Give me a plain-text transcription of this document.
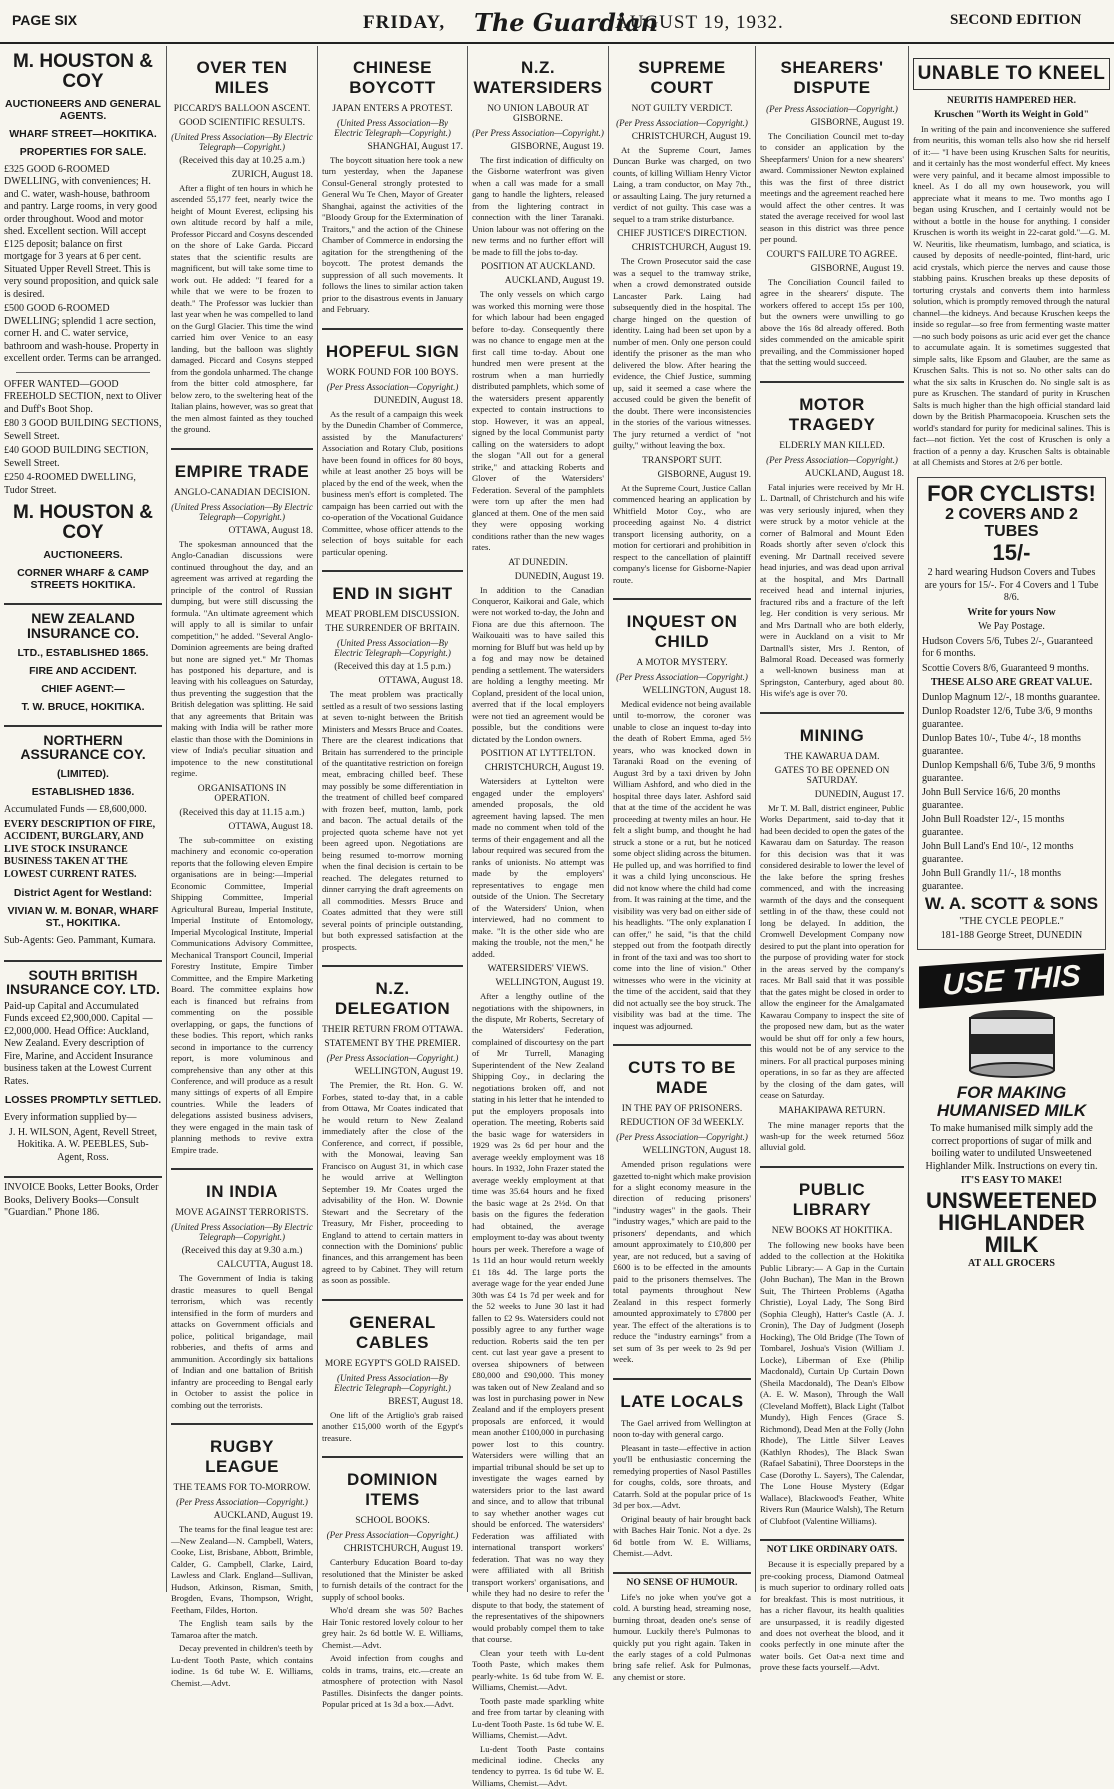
PAGE SIX	FRIDAY, The Guardian
AUGUST 19, 1932.	SECOND EDITION
M. HOUSTON & COY
AUCTIONEERS AND GENERAL AGENTS.
WHARF STREET—HOKITIKA.
PROPERTIES FOR SALE.

£325 GOOD 6-ROOMED DWELLING, with conveniences; H. and C. water, wash-house, bathroom and pantry. Large rooms, in very good order throughout. Wood and motor shed. Excellent section. Will accept £125 deposit; balance on first mortgage for 3 years at 6 per cent. Situated Upper Revell Street. This is very sound proposition, and quick sale is desired.

£500 GOOD 6-ROOMED DWELLING; splendid 1 acre section, corner H. and C. water service, bathroom and wash-house. Property in excellent order. Terms can be arranged.

OFFER WANTED—GOOD FREEHOLD SECTION, next to Oliver and Duff's Boot Shop.

£80 3 GOOD BUILDING SECTIONS, Sewell Street.

£40 GOOD BUILDING SECTION, Sewell Street.

£250 4-ROOMED DWELLING, Tudor Street.

M. HOUSTON & COY
AUCTIONEERS.
CORNER WHARF & CAMP STREETS HOKITIKA.
NEW ZEALAND INSURANCE CO.
LTD., ESTABLISHED 1865.
FIRE AND ACCIDENT.
CHIEF AGENT:—
T. W. BRUCE, HOKITIKA.
NORTHERN ASSURANCE COY.
(LIMITED).
ESTABLISHED 1836.

Accumulated Funds — £8,600,000.

EVERY DESCRIPTION OF FIRE, ACCIDENT, BURGLARY, AND LIVE STOCK INSURANCE BUSINESS TAKEN AT THE LOWEST CURRENT RATES.

District Agent for Westland:
VIVIAN W. M. BONAR, WHARF ST., HOKITIKA.

Sub-Agents: Geo. Pammant, Kumara.

SOUTH BRITISH INSURANCE COY. LTD.

Paid-up Capital and Accumulated Funds exceed £2,900,000. Capital — £2,000,000. Head Office: Auckland, New Zealand. Every description of Fire, Marine, and Accident Insurance business taken at the Lowest Current Rates.

LOSSES PROMPTLY SETTLED.

Every information supplied by—

J. H. WILSON, Agent, Revell Street, Hokitika. A. W. PEEBLES, Sub-Agent, Ross.

INVOICE Books, Letter Books, Order Books, Delivery Books—Consult "Guardian." Phone 186.

OVER TEN MILES
PICCARD'S BALLOON ASCENT.
GOOD SCIENTIFIC RESULTS.
(United Press Association—By Electric Telegraph—Copyright.)
(Received this day at 10.25 a.m.)
ZURICH, August 18.

After a flight of ten hours in which he ascended 55,177 feet, nearly twice the height of Mount Everest, eclipsing his own altitude record by half a mile, Professor Piccard and Cosyns descended on the shore of Lake Garda. Piccard states that the scientific results are magnificent, but will take some time to work out. He added: "I feared for a while that we were to be frozen to death." The Professor was luckier than last year when he was compelled to land on the Gurgl Glacier. This time the wind carried him over Venice to an easy landing, but the balloon was slightly damaged. Piccard and Cosyns stepped from the gondola unharmed. The change from the bitter cold atmosphere, far below zero, to the sweltering heat of the Italian plains, however, was so great that the men almost fainted as they touched the ground.

EMPIRE TRADE
ANGLO-CANADIAN DECISION.
(United Press Association—By Electric Telegraph—Copyright.)
OTTAWA, August 18.

The spokesman announced that the Anglo-Canadian discussions were continued throughout the day, and an agreement was arrived at regarding the principle of the control of Russian dumping, but were still discussing the formula. "An ultimate agreement which will apply to all is similar to unfair competition," he added. "Several Anglo-Dominion agreements are being drafted but none are signed yet." Mr Thomas has postponed his departure, and is leaving with his colleagues on Saturday, thus preventing the suggestion that the British delegation was splitting. He said that any agreements that Britain was making with India will be rather more elastic than those with the Dominions in view of India's peculiar situation and impotence to the new constitutional regime.

ORGANISATIONS IN OPERATION.
(Received this day at 11.15 a.m.)
OTTAWA, August 18.

The sub-committee on existing machinery and economic co-operation reports that the following eleven Empire organisations are in being:—Imperial Economic Committee, Imperial Shipping Committee, Imperial Agricultural Bureau, Imperial Institute, Imperial Institute of Entomology, Imperial Mycological Institute, Imperial Communications Advisory Committee, Mechanical Transport Council, Imperial Forestry Institute, Empire Timber Committee, and the Empire Marketing Board. The committee explains how each is financed but refrains from commenting on the possible overlapping, or gaps, the functions of these bodies. This report, which ranks second in importance to the currency report, is more voluminous and comprehensive than any other at this Conference, and will produce as a result many sittings of experts of all Empire countries. While the leaders of delegations assisted business advisers, they were engaged in the main task of planning methods to revive extra Empire trade.

IN INDIA
MOVE AGAINST TERRORISTS.
(United Press Association—By Electric Telegraph—Copyright.)
(Received this day at 9.30 a.m.)
CALCUTTA, August 18.

The Government of India is taking drastic measures to quell Bengal terrorism, which was recently intensified in the form of murders and attacks on Government officials and police, political brigandage, mail robberies, and thefts of arms and ammunition. Accordingly six battalions of Indian and one battalion of British infantry are proceeding to Bengal early in October to assist the police in combing out the terrorists.

RUGBY LEAGUE
THE TEAMS FOR TO-MORROW.
(Per Press Association—Copyright.)
AUCKLAND, August 19.

The teams for the final league test are:—New Zealand—N. Campbell, Waters, Cooke, List, Brisbane, Abbott, Brimble, Calder, G. Campbell, Clarke, Laird, Lawless and Clark. England—Sullivan, Hudson, Atkinson, Risman, Smith, Brogden, Evans, Thompson, Wright, Feetham, Fildes, Horton.

The English team sails by the Tamaroa after the match.

Decay prevented in children's teeth by Lu-dent Tooth Paste, which contains iodine. 1s 6d tube W. E. Williams, Chemist.—Advt.

CHINESE BOYCOTT
JAPAN ENTERS A PROTEST.
(United Press Association—By Electric Telegraph—Copyright.)
SHANGHAI, August 17.

The boycott situation here took a new turn yesterday, when the Japanese Consul-General strongly protested to General Wu Te Chen, Mayor of Greater Shanghai, against the activities of the "Bloody Group for the Extermination of Traitors," and the action of the Chinese Chamber of Commerce in endorsing the agitation for the strengthening of the boycott. The protest demands the suppression of all such movements. It follows the lines to similar action taken prior to the disastrous events in January and February.

HOPEFUL SIGN
WORK FOUND FOR 100 BOYS.
(Per Press Association—Copyright.)
DUNEDIN, August 18.

As the result of a campaign this week by the Dunedin Chamber of Commerce, assisted by the Manufacturers' Association and Rotary Club, positions have been found in offices for 80 boys, while at least another 25 boys will be placed by the end of the week, when the business men's effort is completed. The campaign has been carried out with the co-operation of the Vocational Guidance Committee, whose officer attends to the selection of boys suitable for each particular opening.

END IN SIGHT
MEAT PROBLEM DISCUSSION.
THE SURRENDER OF BRITAIN.
(United Press Association—By Electric Telegraph—Copyright.)
(Received this day at 1.5 p.m.)
OTTAWA, August 18.

The meat problem was practically settled as a result of two sessions lasting at seven to-night between the British Ministers and Messrs Bruce and Coates. There are the clearest indications that Britain has surrendered to the principle of the quantitative restriction on foreign meat, embracing chilled beef. These may possibly be some differentiation in the treatment of chilled beef compared with frozen beef, mutton, lamb, pork and bacon. The actual details of the projected quota scheme have not yet been agreed upon. Negotiations are being resumed to-morrow morning when the final decision is certain to be reached. The delegates returned to dinner carrying the draft agreements on all commodities. Messrs Bruce and Coates admitted that they were still several points of principle outstanding, but both expressed satisfaction at the prospects.

N.Z. DELEGATION
THEIR RETURN FROM OTTAWA.
STATEMENT BY THE PREMIER.
(Per Press Association—Copyright.)
WELLINGTON, August 19.

The Premier, the Rt. Hon. G. W. Forbes, stated to-day that, in a cable from Ottawa, Mr Coates indicated that he would return to New Zealand immediately after the close of the Conference, and correct, if possible, with the Monowai, leaving San Francisco on August 31, in which case he would arrive at Wellington September 19. Mr Coates urged the advisability of the Hon. W. Downie Stewart and the Secretary of the Treasury, Mr Fisher, proceeding to England to attend to certain matters in connection with the Dominions' public finances, and this arrangement has been agreed to by Cabinet. They will return as soon as possible.

GENERAL CABLES
MORE EGYPT'S GOLD RAISED.
(United Press Association—By Electric Telegraph—Copyright.)
BREST, August 18.

One lift of the Artiglio's grab raised another £15,000 worth of the Egypt's treasure.

DOMINION ITEMS
SCHOOL BOOKS.
(Per Press Association—Copyright.)
CHRISTCHURCH, August 19.

Canterbury Education Board to-day resolutioned that the Minister be asked to furnish details of the contract for the supply of school books.

Who'd dream she was 50? Baches Hair Tonic restored lovely colour to her grey hair. 2s 6d bottle W. E. Williams, Chemist.—Advt.

Avoid infection from coughs and colds in trams, trains, etc.—create an atmosphere of protection with Nasol Pastilles. Disinfects the danger points. Popular priced at 1s 3d a box.—Advt.

N.Z. WATERSIDERS
NO UNION LABOUR AT GISBORNE.
(Per Press Association—Copyright.)
GISBORNE, August 19.

The first indication of difficulty on the Gisborne waterfront was given when a call was made for a small gang to handle the lighters, released from the lightering contract in connection with the liner Taranaki. Union labour was not offering on the new terms and no further effort will be made to fill the jobs to-day.

POSITION AT AUCKLAND.
AUCKLAND, August 19.

The only vessels on which cargo was worked this morning were those for which labour had been engaged before to-day. Consequently there was no chance to engage men at the first call time to-day. About one hundred men were present at the rostrum when a man hurriedly distributed pamphlets, which some of the watersiders present apparently expected to contain instructions to stop. However, it was an appeal, signed by the local Communist party calling on the watersiders to adopt the slogan "All out for a general strike," and attacking Roberts and Glover of the Watersiders' Federation. Several of the pamphlets were torn up after the men had glanced at them. One of the men said they were opposing working conditions rather than the new wages rates.

AT DUNEDIN.
DUNEDIN, August 19.

In addition to the Canadian Conqueror, Kaikorai and Gale, which were not worked to-day, the John and Fiona are due this afternoon. The Waikouaiti was to have sailed this morning for Bluff but was held up by a fog and may now be detained pending a settlement. The watersiders are holding a lengthy meeting. Mr Copland, president of the local union, averred that if the local employers were not tied an agreement would be possible, but the conditions were dictated by the London owners.

POSITION AT LYTTELTON.
CHRISTCHURCH, August 19.

Watersiders at Lyttelton were engaged under the employers' amended proposals, the old agreement having lapsed. The men made no comment when told of the terms of their engagement and all the labour required was secured from the ranks of unionists. No attempt was made by the employers' representatives to engage men outside of the Union. The Secretary of the Watersiders' Union, when interviewed, had no comment to make. "It is the other side who are making the trouble, not the men," he added.

WATERSIDERS' VIEWS.
WELLINGTON, August 19.

After a lengthy outline of the negotiations with the shipowners, in the dispute, Mr Roberts, Secretary of the Watersiders' Federation, complained of discourtesy on the part of Mr Turrell, Managing Superintendent of the New Zealand Shipping Coy., in declaring the negotiations broken off, and not stating in his letter that he intended to put the employers proposals into operation. The meeting, Roberts said the basic wage for watersiders in 1929 was 2s 6d per hour and the average weekly employment was 18 hours. In 1932, John Frazer stated the average weekly employment at that time was 35.64 hours and he fixed the basic wage at 2s 2½d. On that basis on the figures the federation had obtained, the average employment to-day was about twenty hours per week. Therefore a wage of 1s 11d an hour would return weekly £1 18s 4d. The large ports the average wage for the year ended June 30th was £4 1s 7d per week and for the 52 weeks to June 30 last it had fallen to £2 9s. Watersiders could not possibly agree to any further wage reduction. Roberts said the ten per cent. cut last year gave a present to oversea shipowners of between £80,000 and £90,000. This money was taken out of New Zealand and so was lost in purchasing power in New Zealand and if the employers present proposals are enforced, it would mean another £100,000 in purchasing power lost to this country. Watersiders were willing that an impartial tribunal should be set up to investigate the wages earned by watersiders prior to the last award and since, and to allow that tribunal to say whether another wages cut should be enforced. The watersiders' Federation was affiliated with international transport workers' federation. That was no way they were affiliated with all British transport workers' organisations, and while they had no desire to refer the dispute to that body, the statement of the representatives of the shipowners would probably compel them to take that course.

Clean your teeth with Lu-dent Tooth Paste, which makes them pearly-white. 1s 6d tube from W. E. Williams, Chemist.—Advt.

Tooth paste made sparkling white and free from tartar by cleaning with Lu-dent Tooth Paste. 1s 6d tube W. E. Williams, Chemist.—Advt.

Lu-dent Tooth Paste contains medicinal iodine. Checks any tendency to pyrrea. 1s 6d tube W. E. Williams, Chemist.—Advt.

SUPREME COURT
NOT GUILTY VERDICT.
(Per Press Association—Copyright.)
CHRISTCHURCH, August 19.

At the Supreme Court, James Duncan Burke was charged, on two counts, of killing William Henry Victor Laing, a tram conductor, on May 7th., or assaulting Laing. The jury returned a verdict of not guilty. This case was a sequel to a tram strike disturbance.

CHIEF JUSTICE'S DIRECTION.
CHRISTCHURCH, August 19.

The Crown Prosecutor said the case was a sequel to the tramway strike, when a crowd demonstrated outside Lancaster Park. Laing had subsequently died in the hospital. The charge hinged on the question of identity. Laing had been set upon by a number of men. Only one person could identify the prisoner as the man who delivered the blow. After hearing the evidence, the Chief Justice, summing up, said it seemed a case where the accused could be given the benefit of the doubt. There were inconsistencies in the stories of the various witnesses. The jury returned a verdict of "not guilty," without leaving the box.

TRANSPORT SUIT.
GISBORNE, August 19.

At the Supreme Court, Justice Callan commenced hearing an application by Whitfield Motor Coy., who are proceeding against No. 4 district transport licensing authority, on a motion for certiorari and prohibition in respect to the cancellation of plaintiff company's license for Gisborne-Napier route.

INQUEST ON CHILD
A MOTOR MYSTERY.
(Per Press Association—Copyright.)
WELLINGTON, August 18.

Medical evidence not being available until to-morrow, the coroner was unable to close an inquest to-day into the death of Robert Emma, aged 5½ years, who was knocked down in Taranaki Road on the evening of August 3rd by a taxi driven by John William Ashford, and who died in the hospital three days later. Ashford said that at the time of the accident he was proceeding at twenty miles an hour. He felt a slight bump, and thought he had struck a stone or a rut, but he noticed some object sliding across the bitumen. He pulled up, and was horrified to find it was a child lying unconscious. He did not know where the child had come from. It was raining at the time, and the visibility was very bad on either side of his headlights. "The only explanation I can offer," he said, "is that the child stepped out from the footpath directly in front of the taxi and was too short to come into the line of vision." Other witnesses who were in the vicinity at the time of the accident, said that they did not actually see the boy struck. The visibility was bad at the time. The inquest was adjourned.

CUTS TO BE MADE
IN THE PAY OF PRISONERS.
REDUCTION OF 3d WEEKLY.
(Per Press Association—Copyright.)
WELLINGTON, August 18.

Amended prison regulations were gazetted to-night which make provision for a slight economy measure in the direction of reducing prisoners' "industry wages" in the gaols. Their "industry wages," which are paid to the prisoners' dependants, and which amount approximately to £10,800 per year, are not reduced, but a saving of £600 is to be effected in the amounts paid to the prisoners themselves. The total payments throughout New Zealand in this respect formerly amounted approximately to £7800 per year. The effect of the alterations is to reduce the "industry earnings" from a set sum of 3s per week to 2s 9d per week.

LATE LOCALS

The Gael arrived from Wellington at noon to-day with general cargo.

Pleasant in taste—effective in action you'll be enthusiastic concerning the remedying properties of Nasol Pastilles for coughs, colds, sore throats, and Catarrh. Sold at the popular price of 1s 3d per box.—Advt.

Original beauty of hair brought back with Baches Hair Tonic. Not a dye. 2s 6d bottle from W. E. Williams, Chemist.—Advt.

NO SENSE OF HUMOUR.

Life's no joke when you've got a cold. A bursting head, streaming nose, burning throat, deaden one's sense of humour. Luckily there's Pulmonas to quickly put you right again. Taken in the early stages of a cold Pulmonas bring safe relief. Ask for Pulmonas, any chemist or store.

SHEARERS' DISPUTE
(Per Press Association—Copyright.)
GISBORNE, August 19.

The Conciliation Council met to-day to consider an application by the Sheepfarmers' Union for a new shearers' award. Commissioner Newton explained this was the first of three district meetings and the agreement reached here would affect the other centres. It was stated the average received for wool last season in this district was three pence per pound.

COURT'S FAILURE TO AGREE.
GISBORNE, August 19.

The Conciliation Council failed to agree in the shearers' dispute. The workers offered to accept 15s per 100, but the owners were unwilling to go above the 16s 8d already offered. Both sides commended on the amicable spirit prevailing, and the Commissioner hoped that the setting would succeed.

MOTOR TRAGEDY
ELDERLY MAN KILLED.
(Per Press Association—Copyright.)
AUCKLAND, August 18.

Fatal injuries were received by Mr H. L. Dartnall, of Christchurch and his wife was very seriously injured, when they were struck by a motor vehicle at the corner of Balmoral and Mount Eden Roads shortly after seven o'clock this evening. Mr Dartnall received severe head injuries, and was dead upon arrival at the hospital, and Mrs Dartnall received head and internal injuries, fractured ribs and a fracture of the left leg. Her condition is very serious. Mr and Mrs Dartnall who are both elderly, were in Auckland on a visit to Mr Dartnall's sister, Mrs J. Renton, of Balmoral Road. Deceased was formerly a well-known business man at Springston, Canterbury, aged about 80. His wife's age is over 70.

MINING
THE KAWARUA DAM.
GATES TO BE OPENED ON SATURDAY.
DUNEDIN, August 17.

Mr T. M. Ball, district engineer, Public Works Department, said to-day that it had been decided to open the gates of the Kawarau dam on Saturday. The reason for this decision was that it was considered desirable to lower the level of the lake before the spring freshes commenced, and with the increasing warmth of the days and the consequent settling in of the thaw, these could not long be delayed. In addition, the Cromwell Development Company now desired to put the plant into operation for the purpose of providing water for stock in the areas served by the company's races. Mr Ball said that it was possible that the gates might be closed in order to allow the engineer for the Amalgamated Kawarau Company to inspect the site of the proposed new dam, but as the water would be shut off for only a few hours, this would not be of any service to the miners. For all practical purposes mining operations, in so far as they are affected by the closing of the dam gates, will cease on Saturday.

MAHAKIPAWA RETURN.

The mine manager reports that the wash-up for the week returned 56oz alluvial gold.

PUBLIC LIBRARY
NEW BOOKS AT HOKITIKA.

The following new books have been added to the collection at the Hokitika Public Library:— A Gap in the Curtain (John Buchan), The Man in the Brown Suit, The Thirteen Problems (Agatha Christie), Loyal Lady, The Song Bird (Sophia Cleugh), Hatter's Castle (A. J. Cronin), The Day of Judgment (Joseph Hocking), The Old Bridge (The Town of Tombarel, Joshua's Vision (William J. Locke), Liberman of Exe (Philip Macdonald), Curtain Up Curtain Down (Sheila Macdonald), The Dean's Elbow (A. E. W. Mason), Through the Wall (Cleveland Moffett), Black Light (Talbot Mundy), High Fences (Grace S. Richmond), Dead Men at the Folly (John Rhode), The Little Silver Leaves (Kathlyn Rhodes), The Black Swan (Rafael Sabatini), Three Doorsteps in the Case (Dorothy L. Sayers), The Calendar, The Lone House Mystery (Edgar Wallace), Blackwood's Feather, White Rivers Run (Maurice Walsh), The Return of Clubfoot (Valentine Williams).

NOT LIKE ORDINARY OATS.

Because it is especially prepared by a pre-cooking process, Diamond Oatmeal is much superior to ordinary rolled oats for breakfast. This is most nutritious, it has a richer flavour, its health qualities are unsurpassed, it is readily digested and does not overheat the blood, and it cooks perfectly in one minute after the water boils. Get Oat-a next time and prove these facts yourself.—Advt.

UNABLE TO KNEEL
NEURITIS HAMPERED HER.
Kruschen "Worth its Weight in Gold"

In writing of the pain and inconvenience she suffered from neuritis, this woman tells also how she rid herself of it:— "I have been using Kruschen Salts for neuritis, and it certainly has the most wonderful effect. My knees were very painful, and it became almost impossible to kneel. As I do all my own housework, you will appreciate what it means to me. Two months ago I began using Kruschen, and I certainly would not be without a bottle in the house for anything. I consider Kruschen is worth its weight in 22-carat gold."—G. M. W. Neuritis, like rheumatism, lumbago, and sciatica, is caused by deposits of needle-pointed, flint-hard, uric acid crystals, which pierce the nerves and cause those stabbing pains. Kruschen breaks up these deposits of torturing crystals and converts them into harmless solution, which is promptly removed through the natural channel—the kidneys. And because Kruschen keeps the inside so regular—so free from fermenting waste matter—no such body poisons as uric acid ever get the chance to accumulate again. It is sometimes suggested that simple salts, like Epsom and Glauber, are the same as Kruschen Salts. This is not so. No other salts can do what the six salts in Kruschen do. No single salt is as pure as Kruschen. The standard of purity in Kruschen Salts is much higher than the high official standard laid down by the British Pharmacopoeia. Kruschen sets the world's standard for purity for medicinal salines. This is fact—not fiction. Yet the cost of Kruschen is only a fraction of a penny a day. Kruschen Salts is obtainable at all Chemists and Stores at 2/6 per bottle.

FOR CYCLISTS!
2 COVERS AND 2 TUBES
15/-

2 hard wearing Hudson Covers and Tubes are yours for 15/-. For 4 Covers and 1 Tube 8/6.

Write for yours Now

We Pay Postage.

Hudson Covers 5/6, Tubes 2/-, Guaranteed for 6 months.

Scottie Covers 8/6, Guaranteed 9 months.

THESE ALSO ARE GREAT VALUE.

Dunlop Magnum 12/-, 18 months guarantee.

Dunlop Roadster 12/6, Tube 3/6, 9 months guarantee.

Dunlop Bates 10/-, Tube 4/-, 18 months guarantee.

Dunlop Kempshall 6/6, Tube 3/6, 9 months guarantee.

John Bull Service 16/6, 20 months guarantee.

John Bull Roadster 12/-, 15 months guarantee.

John Bull Land's End 10/-, 12 months guarantee.

John Bull Grandly 11/-, 18 months guarantee.

W. A. SCOTT & SONS

"THE CYCLE PEOPLE."

181-188 George Street, DUNEDIN

USE THIS
FOR MAKING HUMANISED MILK

To make humanised milk simply add the correct proportions of sugar of milk and boiling water to undiluted Unsweetened Highlander Milk. Instructions on every tin.

IT'S EASY TO MAKE!

UNSWEETENED HIGHLANDER MILK

AT ALL GROCERS
